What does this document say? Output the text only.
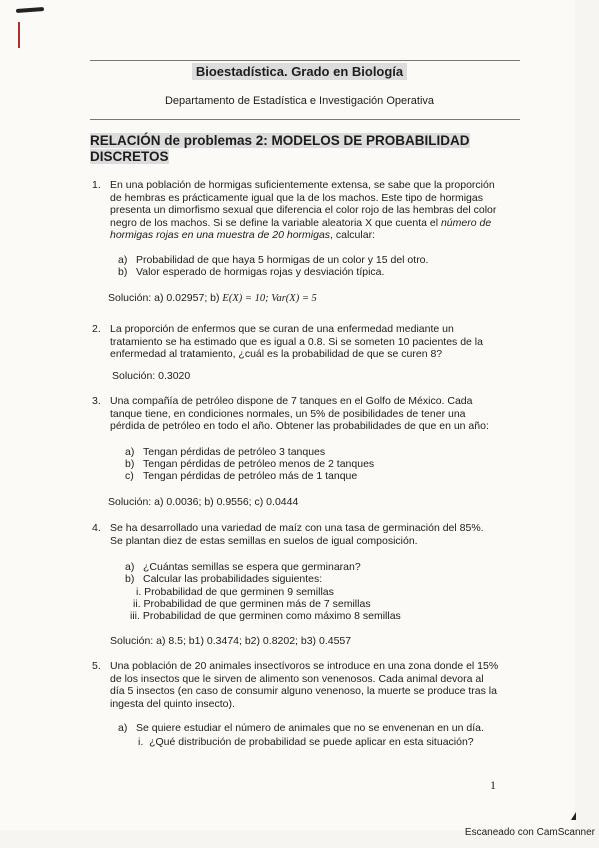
Bioestadística. Grado en Biología
Departamento de Estadística e Investigación Operativa
RELACIÓN de problemas 2: MODELOS DE PROBABILIDAD
DISCRETOS
1. En una población de hormigas suficientemente extensa, se sabe que la proporción
de hembras es prácticamente igual que la de los machos. Este tipo de hormigas
presenta un dimorfismo sexual que diferencia el color rojo de las hembras del color
negro de los machos. Si se define la variable aleatoria X que cuenta el número de
hormigas rojas en una muestra de 20 hormigas, calcular:
a) Probabilidad de que haya 5 hormigas de un color y 15 del otro.
b) Valor esperado de hormigas rojas y desviación típica.
Solución: a) 0.02957; b) E(X) = 10; Var(X) = 5
2. La proporción de enfermos que se curan de una enfermedad mediante un
tratamiento se ha estimado que es igual a 0.8. Si se someten 10 pacientes de la
enfermedad al tratamiento, ¿cuál es la probabilidad de que se curen 8?
Solución: 0.3020
3. Una compañía de petróleo dispone de 7 tanques en el Golfo de México. Cada
tanque tiene, en condiciones normales, un 5% de posibilidades de tener una
pérdida de petróleo en todo el año. Obtener las probabilidades de que en un año:
a) Tengan pérdidas de petróleo 3 tanques
b) Tengan pérdidas de petróleo menos de 2 tanques
c) Tengan pérdidas de petróleo más de 1 tanque
Solución: a) 0.0036; b) 0.9556; c) 0.0444
4. Se ha desarrollado una variedad de maíz con una tasa de germinación del 85%.
Se plantan diez de estas semillas en suelos de igual composición.
a) ¿Cuántas semillas se espera que germinaran?
b) Calcular las probabilidades siguientes:
i. Probabilidad de que germinen 9 semillas
ii. Probabilidad de que germinen más de 7 semillas
iii. Probabilidad de que germinen como máximo 8 semillas
Solución: a) 8.5; b1) 0.3474; b2) 0.8202; b3) 0.4557
5. Una población de 20 animales insectívoros se introduce en una zona donde el 15%
de los insectos que le sirven de alimento son venenosos. Cada animal devora al
día 5 insectos (en caso de consumir alguno venenoso, la muerte se produce tras la
ingesta del quinto insecto).
a) Se quiere estudiar el número de animales que no se envenenan en un día.
i. ¿Qué distribución de probabilidad se puede aplicar en esta situación?
1
Escaneado con CamScanner
